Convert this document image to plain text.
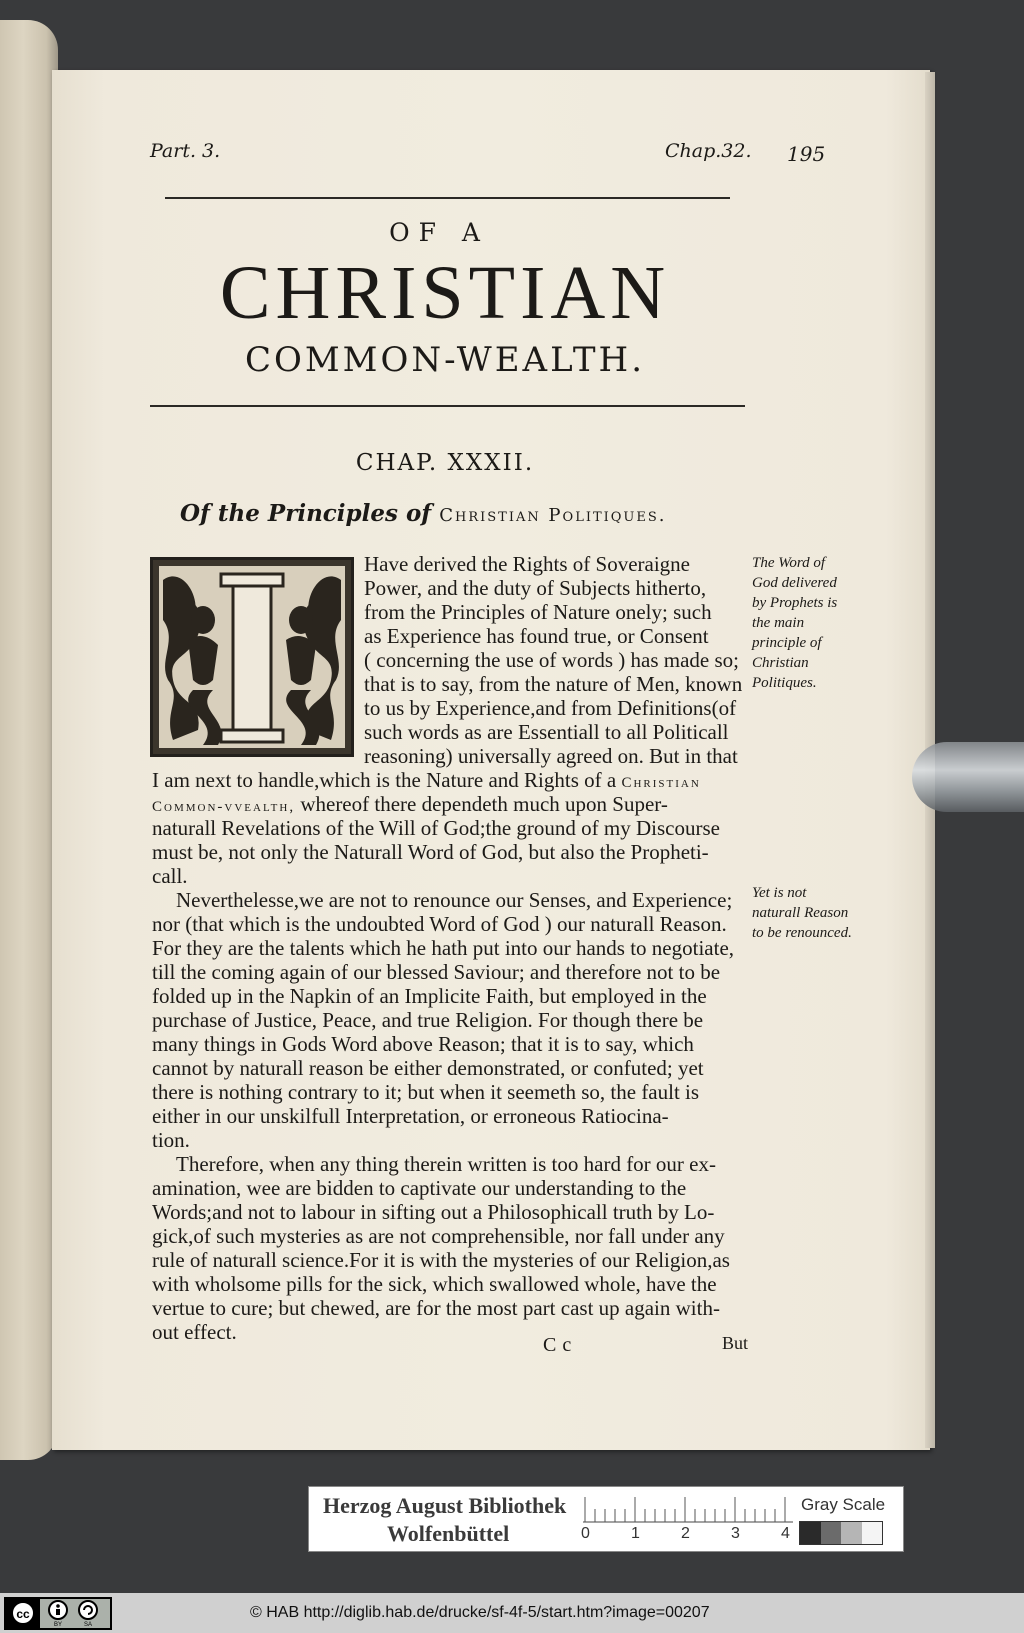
Part. 3.	Chap.32. 195
OF A
CHRISTIAN
COMMON-WEALTH.
CHAP. XXXII.
Of the Principles of Christian Politiques.
Have derived the Rights of Soveraigne
Power, and the duty of Subjects hitherto,
from the Principles of Nature onely; such
as Experience has found true, or Consent
( concerning the use of words ) has made so;
that is to say, from the nature of Men, known
to us by Experience,and from Definitions(of
such words as are Essentiall to all Politicall
reasoning) universally agreed on. But in that
I am next to handle,which is the Nature and Rights of a Christian
Common-vvealth, whereof there dependeth much upon Super-
naturall Revelations of the Will of God;the ground of my Discourse
must be, not only the Naturall Word of God, but also the Propheti-
call.
Neverthelesse,we are not to renounce our Senses, and Experience;
nor (that which is the undoubted Word of God ) our naturall Reason.
For they are the talents which he hath put into our hands to negotiate,
till the coming again of our blessed Saviour; and therefore not to be
folded up in the Napkin of an Implicite Faith, but employed in the
purchase of Justice, Peace, and true Religion. For though there be
many things in Gods Word above Reason; that it is to say, which
cannot by naturall reason be either demonstrated, or confuted; yet
there is nothing contrary to it; but when it seemeth so, the fault is
either in our unskilfull Interpretation, or erroneous Ratiocina-
tion.
Therefore, when any thing therein written is too hard for our ex-
amination, wee are bidden to captivate our understanding to the
Words;and not to labour in sifting out a Philosophicall truth by Lo-
gick,of such mysteries as are not comprehensible, nor fall under any
rule of naturall science.For it is with the mysteries of our Religion,as
with wholsome pills for the sick, which swallowed whole, have the
vertue to cure; but chewed, are for the most part cast up again with-
out effect.
The Word of God delivered by Prophets is the main principle of Christian Politiques.
Yet is not naturall Reason to be renounced.
Cc	But
Herzog August Bibliothek
Wolfenbüttel	0	1	2	3	4
Gray Scale
cc
BY	SA
© HAB http://diglib.hab.de/drucke/sf-4f-5/start.htm?image=00207
